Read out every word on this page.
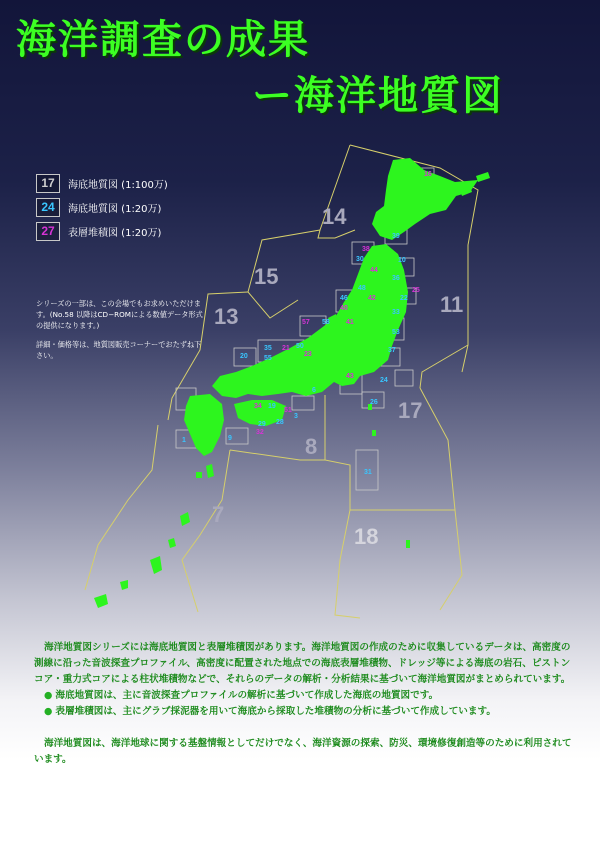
海洋調査の成果
ー海洋地質図
17	海底地質図 (1:100万)
24	海底地質図 (1:20万)
27	表層堆積図 (1:20万)

シリーズの一部は、この会場でもお求めいただけます。(No.58 以降はCD−ROMによる数値データ形式の提供になります。)

詳細・価格等は、地質図販売コーナーでおたずね下さい。

14
15
13	11
17
8
7
18
16
39
38
30	10
44
42
36
25
46
40
22
48
33
41
57 58
53
35	50
21
23
20 55
37
43
24
51
6
34 19
26
3
29 28
32
1	9
31

海洋地質図シリーズには海底地質図と表層堆積図があります。海洋地質図の作成のために収集しているデータは、高密度の測線に沿った音波探査プロファイル、高密度に配置された地点での海底表層堆積物、ドレッジ等による海底の岩石、ピストンコア・重力式コアによる柱状堆積物などで、それらのデータの解析・分析結果に基づいて海洋地質図がまとめられています。

● 海底地質図は、主に音波探査プロファイルの解析に基づいて作成した海底の地質図です。

● 表層堆積図は、主にグラブ採泥器を用いて海底から採取した堆積物の分析に基づいて作成しています。

海洋地質図は、海洋地球に関する基盤情報としてだけでなく、海洋資源の探索、防災、環境修復創造等のために利用されています。
